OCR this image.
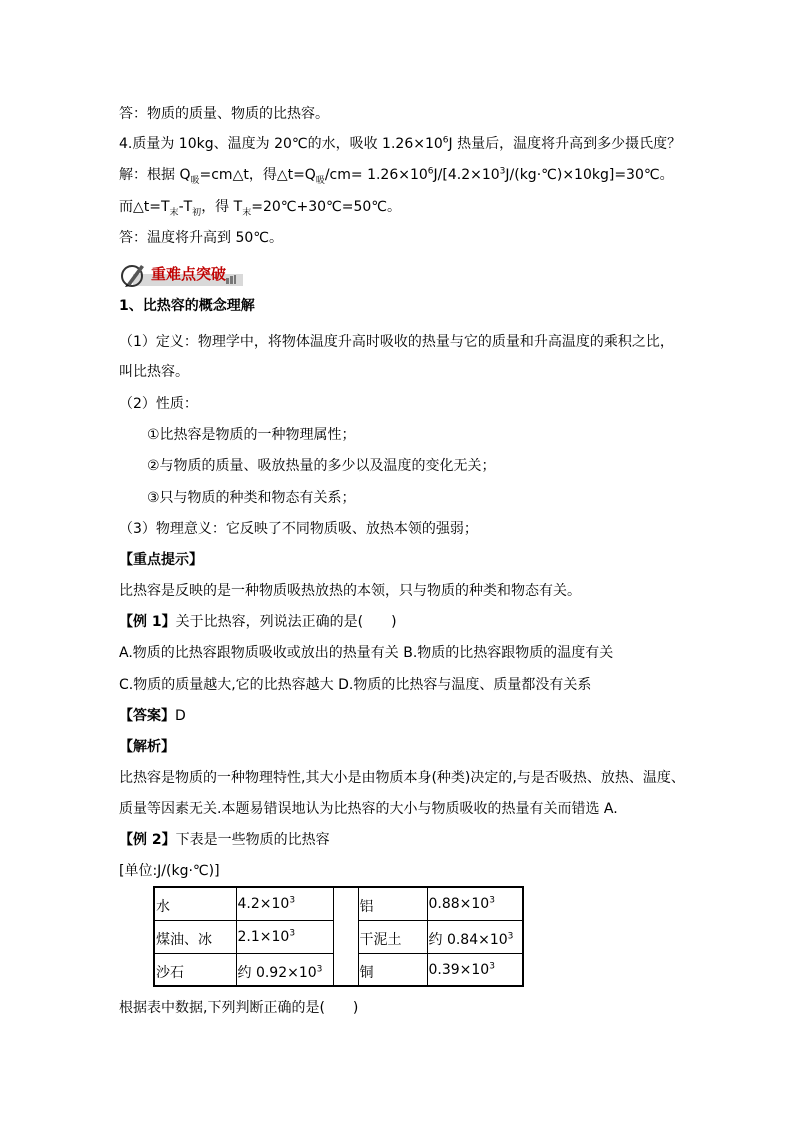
答：物质的质量、物质的比热容。
4.质量为 10kg、温度为 20℃的水，吸收 $1.26\times 10^6J$ 热量后，温度将升高到多少摄氏度？
解：根据 $Q_吸=cm\triangle t$，得$\triangle t=Q_吸/cm=$ $1.26\times 10^6J/[4.2\times 10^3J/(kg\cdot℃)\times 10kg]=30℃$。
而$\triangle t=T_末-T_初$，得 $T_末=20℃+30℃=50℃$。
答：温度将升高到 50℃。
重难点突破
1、比热容的概念理解
（1）定义：物理学中，将物体温度升高时吸收的热量与它的质量和升高温度的乘积之比，
叫比热容。
（2）性质：
①比热容是物质的一种物理属性；
②与物质的质量、吸放热量的多少以及温度的变化无关；
③只与物质的种类和物态有关系；
（3）物理意义：它反映了不同物质吸、放热本领的强弱；
【重点提示】
比热容是反映的是一种物质吸热放热的本领，只与物质的种类和物态有关。
【例 1】关于比热容，列说法正确的是(　　)
A.物质的比热容跟物质吸收或放出的热量有关 B.物质的比热容跟物质的温度有关
C.物质的质量越大,它的比热容越大 D.物质的比热容与温度、质量都没有关系
【答案】D
【解析】
比热容是物质的一种物理特性,其大小是由物质本身(种类)决定的,与是否吸热、放热、温度、
质量等因素无关.本题易错误地认为比热容的大小与物质吸收的热量有关而错选 A.
【例 2】下表是一些物质的比热容
[单位:J/(kg·℃)]
水	$4.2\times 10^3$		铝	$0.88\times 10^3$
煤油、冰	$2.1\times 10^3$		干泥土	约 $0.84\times 10^3$
沙石	约 $0.92\times 10^3$		铜	$0.39\times 10^3$
根据表中数据,下列判断正确的是(　　)
